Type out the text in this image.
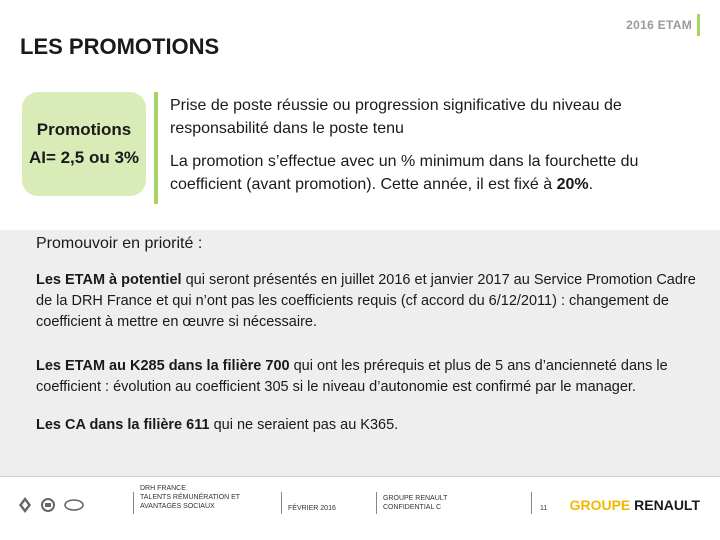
2016 ETAM
LES PROMOTIONS
Promotions
AI= 2,5 ou 3%

Prise de poste réussie ou progression significative du niveau de responsabilité dans le poste tenu

La promotion s’effectue avec un % minimum dans la fourchette du coefficient (avant promotion). Cette année, il est fixé à 20%.

Promouvoir en priorité :
Les ETAM à potentiel qui seront présentés en juillet 2016 et janvier 2017 au Service Promotion Cadre de la DRH France et qui n’ont pas les coefficients requis (cf accord du 6/12/2011) : changement de coefficient à mettre en œuvre si nécessaire.
Les ETAM au K285 dans la filière 700 qui ont les prérequis et plus de 5 ans d’ancienneté dans le coefficient : évolution au coefficient 305 si le niveau d’autonomie est confirmé par le manager.
Les CA dans la filière 611 qui ne seraient pas au K365.
DRH FRANCE
TALENTS RÉMUNÉRATION ET
AVANTAGES SOCIAUX	FÉVRIER 2016
GROUPE RENAULT
CONFIDENTIAL C	11 GROUPE RENAULT
